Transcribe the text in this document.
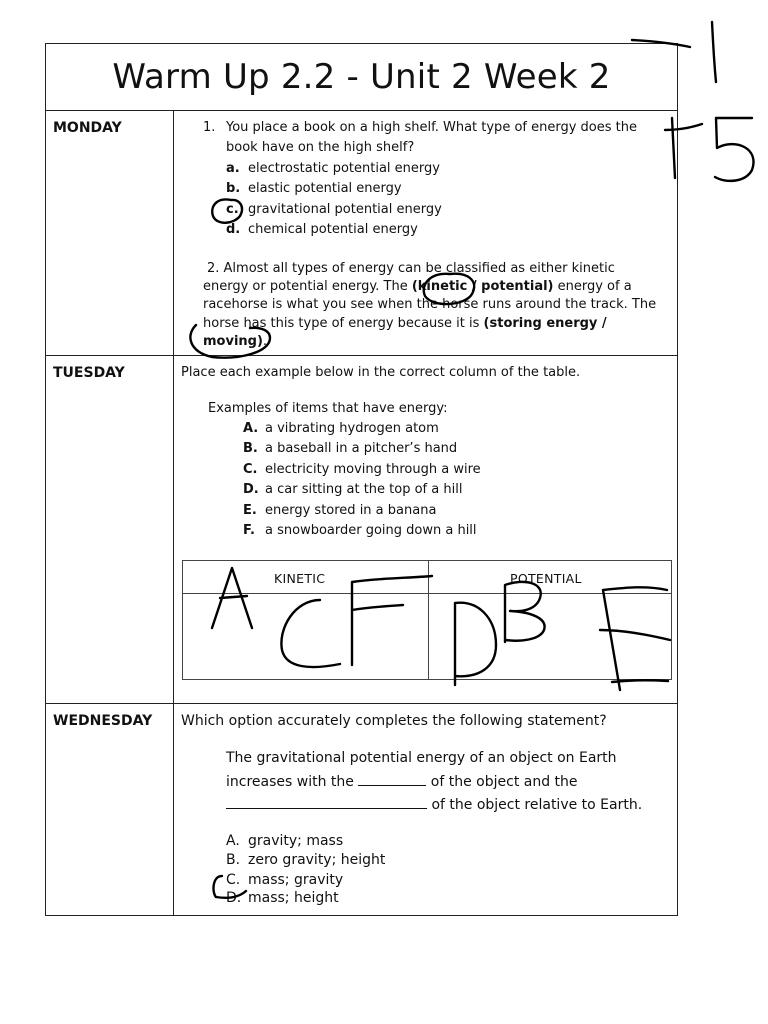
Warm Up 2.2 - Unit 2 Week 2
MONDAY	1. You place a book on a high shelf. What type of energy does the
book have on the high shelf?
a. electrostatic potential energy
b. elastic potential energy
c. gravitational potential energy
d. chemical potential energy
2. Almost all types of energy can be classified as either kinetic
energy or potential energy. The (kinetic / potential) energy of a
racehorse is what you see when the horse runs around the track. The
horse has this type of energy because it is (storing energy /
moving).
TUESDAY	Place each example below in the correct column of the table.
Examples of items that have energy:
A. a vibrating hydrogen atom
B. a baseball in a pitcher’s hand
C. electricity moving through a wire
D. a car sitting at the top of a hill
E. energy stored in a banana
F. a snowboarder going down a hill
KINETIC	POTENTIAL
WEDNESDAY	Which option accurately completes the following statement?
The gravitational potential energy of an object on Earth
increases with the	of the object and the
of the object relative to Earth.
A. gravity; mass
B. zero gravity; height
C. mass; gravity
D. mass; height
